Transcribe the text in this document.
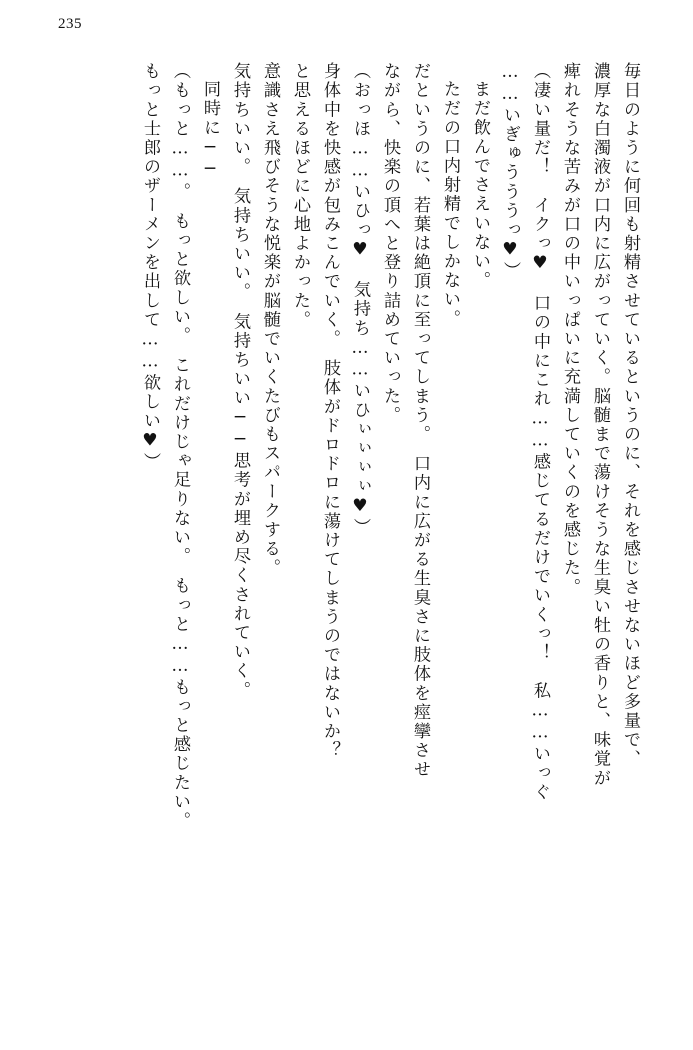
235
毎日のように何回も射精させているというのに、それを感じさせないほど多量で、
濃厚な白濁液が口内に広がっていく。脳髄まで蕩けそうな生臭い牡の香りと、味覚が
痺れそうな苦みが口の中いっぱいに充満していくのを感じた。
（凄い量だ！　イクっ♥　口の中にこれ……感じてるだけでいくっ！　私……いっぐ
……いぎゅうううっ♥）
まだ飲んでさえいない。
ただの口内射精でしかない。
だというのに、若葉は絶頂に至ってしまう。　口内に広がる生臭さに肢体を痙攣させ
ながら、快楽の頂へと登り詰めていった。
（おっほ……いひっ♥　気持ち……いひぃぃぃぃ♥）
身体中を快感が包みこんでいく。　肢体がドロドロに蕩けてしまうのではないか？
と思えるほどに心地よかった。
意識さえ飛びそうな悦楽が脳髄でいくたびもスパークする。
気持ちいい。　気持ちいい。　気持ちいい──思考が埋め尽くされていく。
同時に──
（もっと……。　もっと欲しい。　これだけじゃ足りない。　もっと……もっと感じたい。
もっと士郎のザーメンを出して……欲しい♥）
